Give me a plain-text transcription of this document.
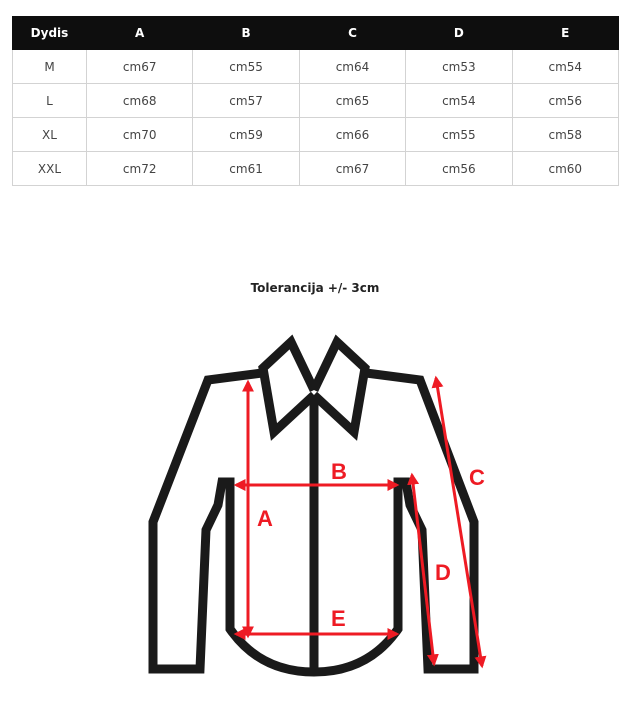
Dydis	A	B	C	D	E
M	cm67	cm55	cm64	cm53	cm54
L	cm68	cm57	cm65	cm54	cm56
XL	cm70	cm59	cm66	cm55	cm58
XXL	cm72	cm61	cm67	cm56	cm60
Tolerancija +/- 3cm
A
B	C
D
E
